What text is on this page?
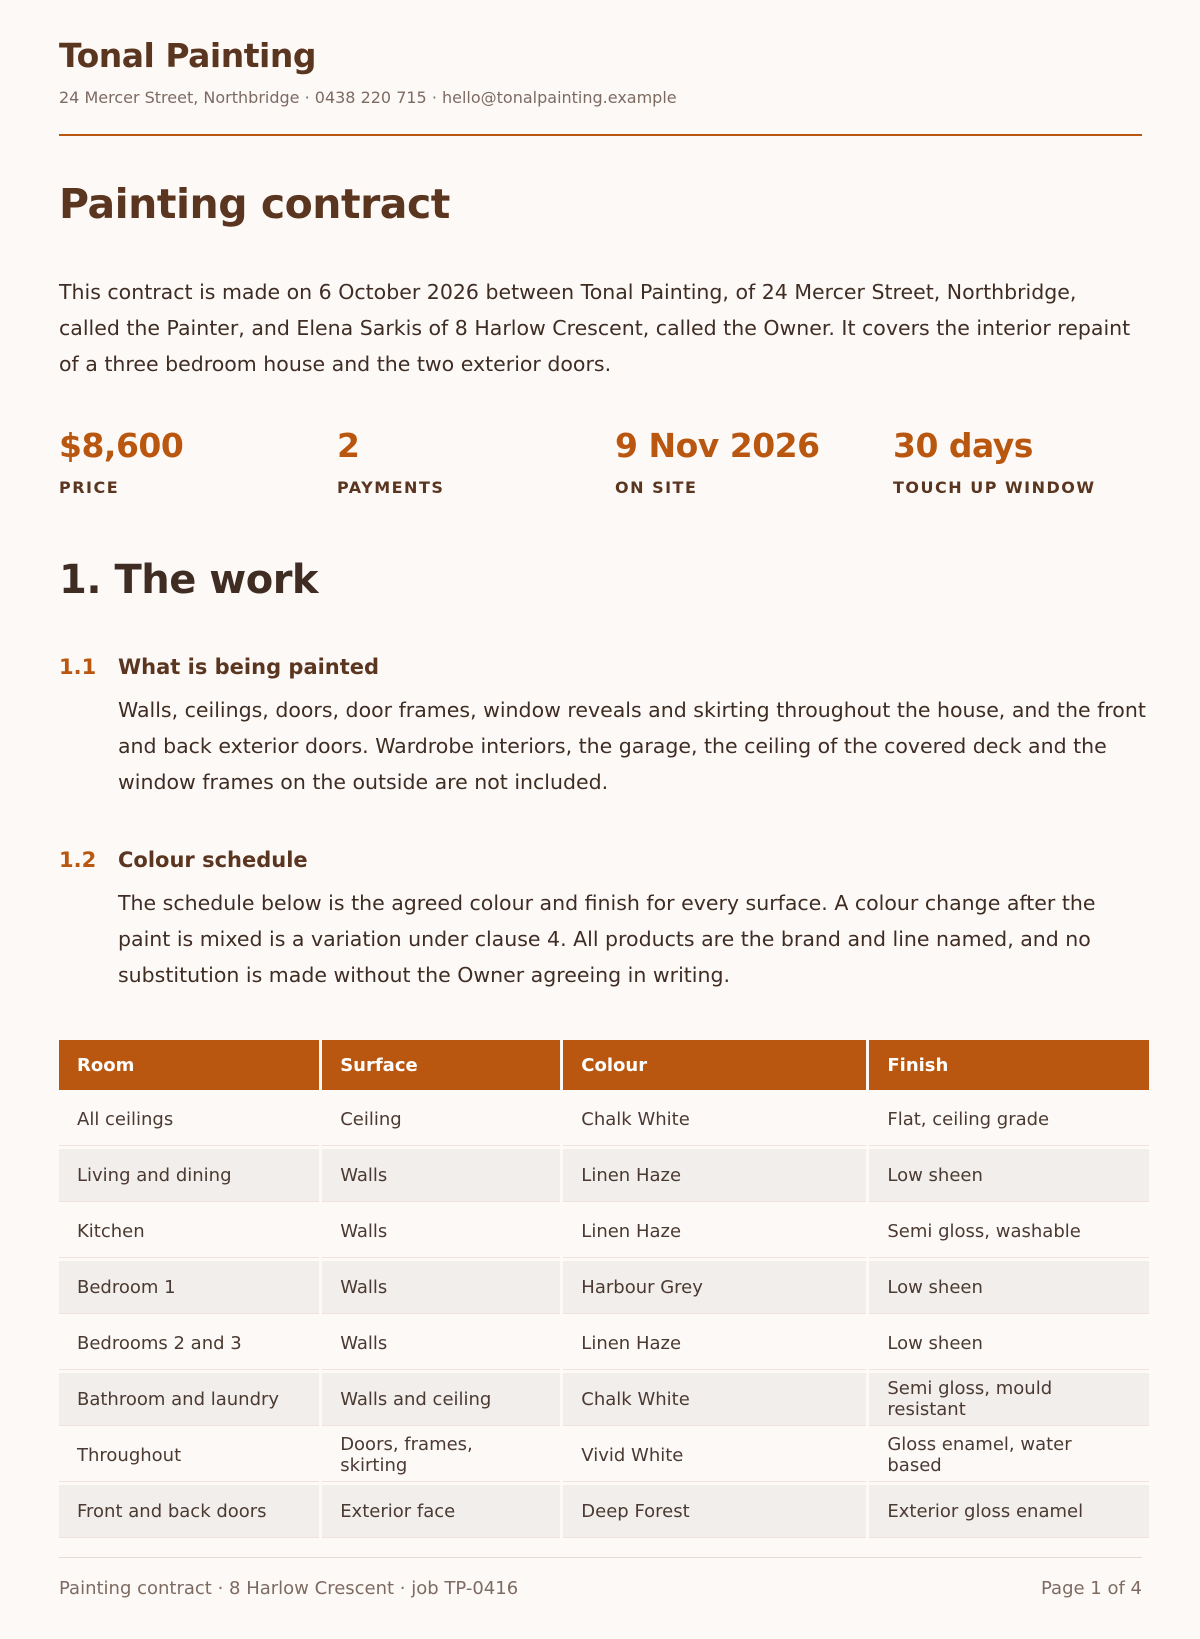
Tonal Painting
24 Mercer Street, Northbridge · 0438 220 715 · hello@tonalpainting.example
Painting contract

This contract is made on 6 October 2026 between Tonal Painting, of 24 Mercer Street, Northbridge, called the Painter, and Elena Sarkis of 8 Harlow Crescent, called the Owner. It covers the interior repaint of a three bedroom house and the two exterior doors.

$8,600
PRICE
2
PAYMENTS
9 Nov 2026
ON SITE
30 days
TOUCH UP WINDOW
1. The work
1.1 What is being painted

Walls, ceilings, doors, door frames, window reveals and skirting throughout the house, and the front and back exterior doors. Wardrobe interiors, the garage, the ceiling of the covered deck and the window frames on the outside are not included.

1.2 Colour schedule

The schedule below is the agreed colour and finish for every surface. A colour change after the paint is mixed is a variation under clause 4. All products are the brand and line named, and no substitution is made without the Owner agreeing in writing.

Room	Surface	Colour	Finish
All ceilings	Ceiling	Chalk White	Flat, ceiling grade
Living and dining	Walls	Linen Haze	Low sheen
Kitchen	Walls	Linen Haze	Semi gloss, washable
Bedroom 1	Walls	Harbour Grey	Low sheen
Bedrooms 2 and 3	Walls	Linen Haze	Low sheen
Bathroom and laundry	Walls and ceiling	Chalk White	Semi gloss, mould resistant
Throughout	Doors, frames, skirting	Vivid White	Gloss enamel, water based
Front and back doors	Exterior face	Deep Forest	Exterior gloss enamel
Painting contract · 8 Harlow Crescent · job TP-0416	Page 1 of 4
